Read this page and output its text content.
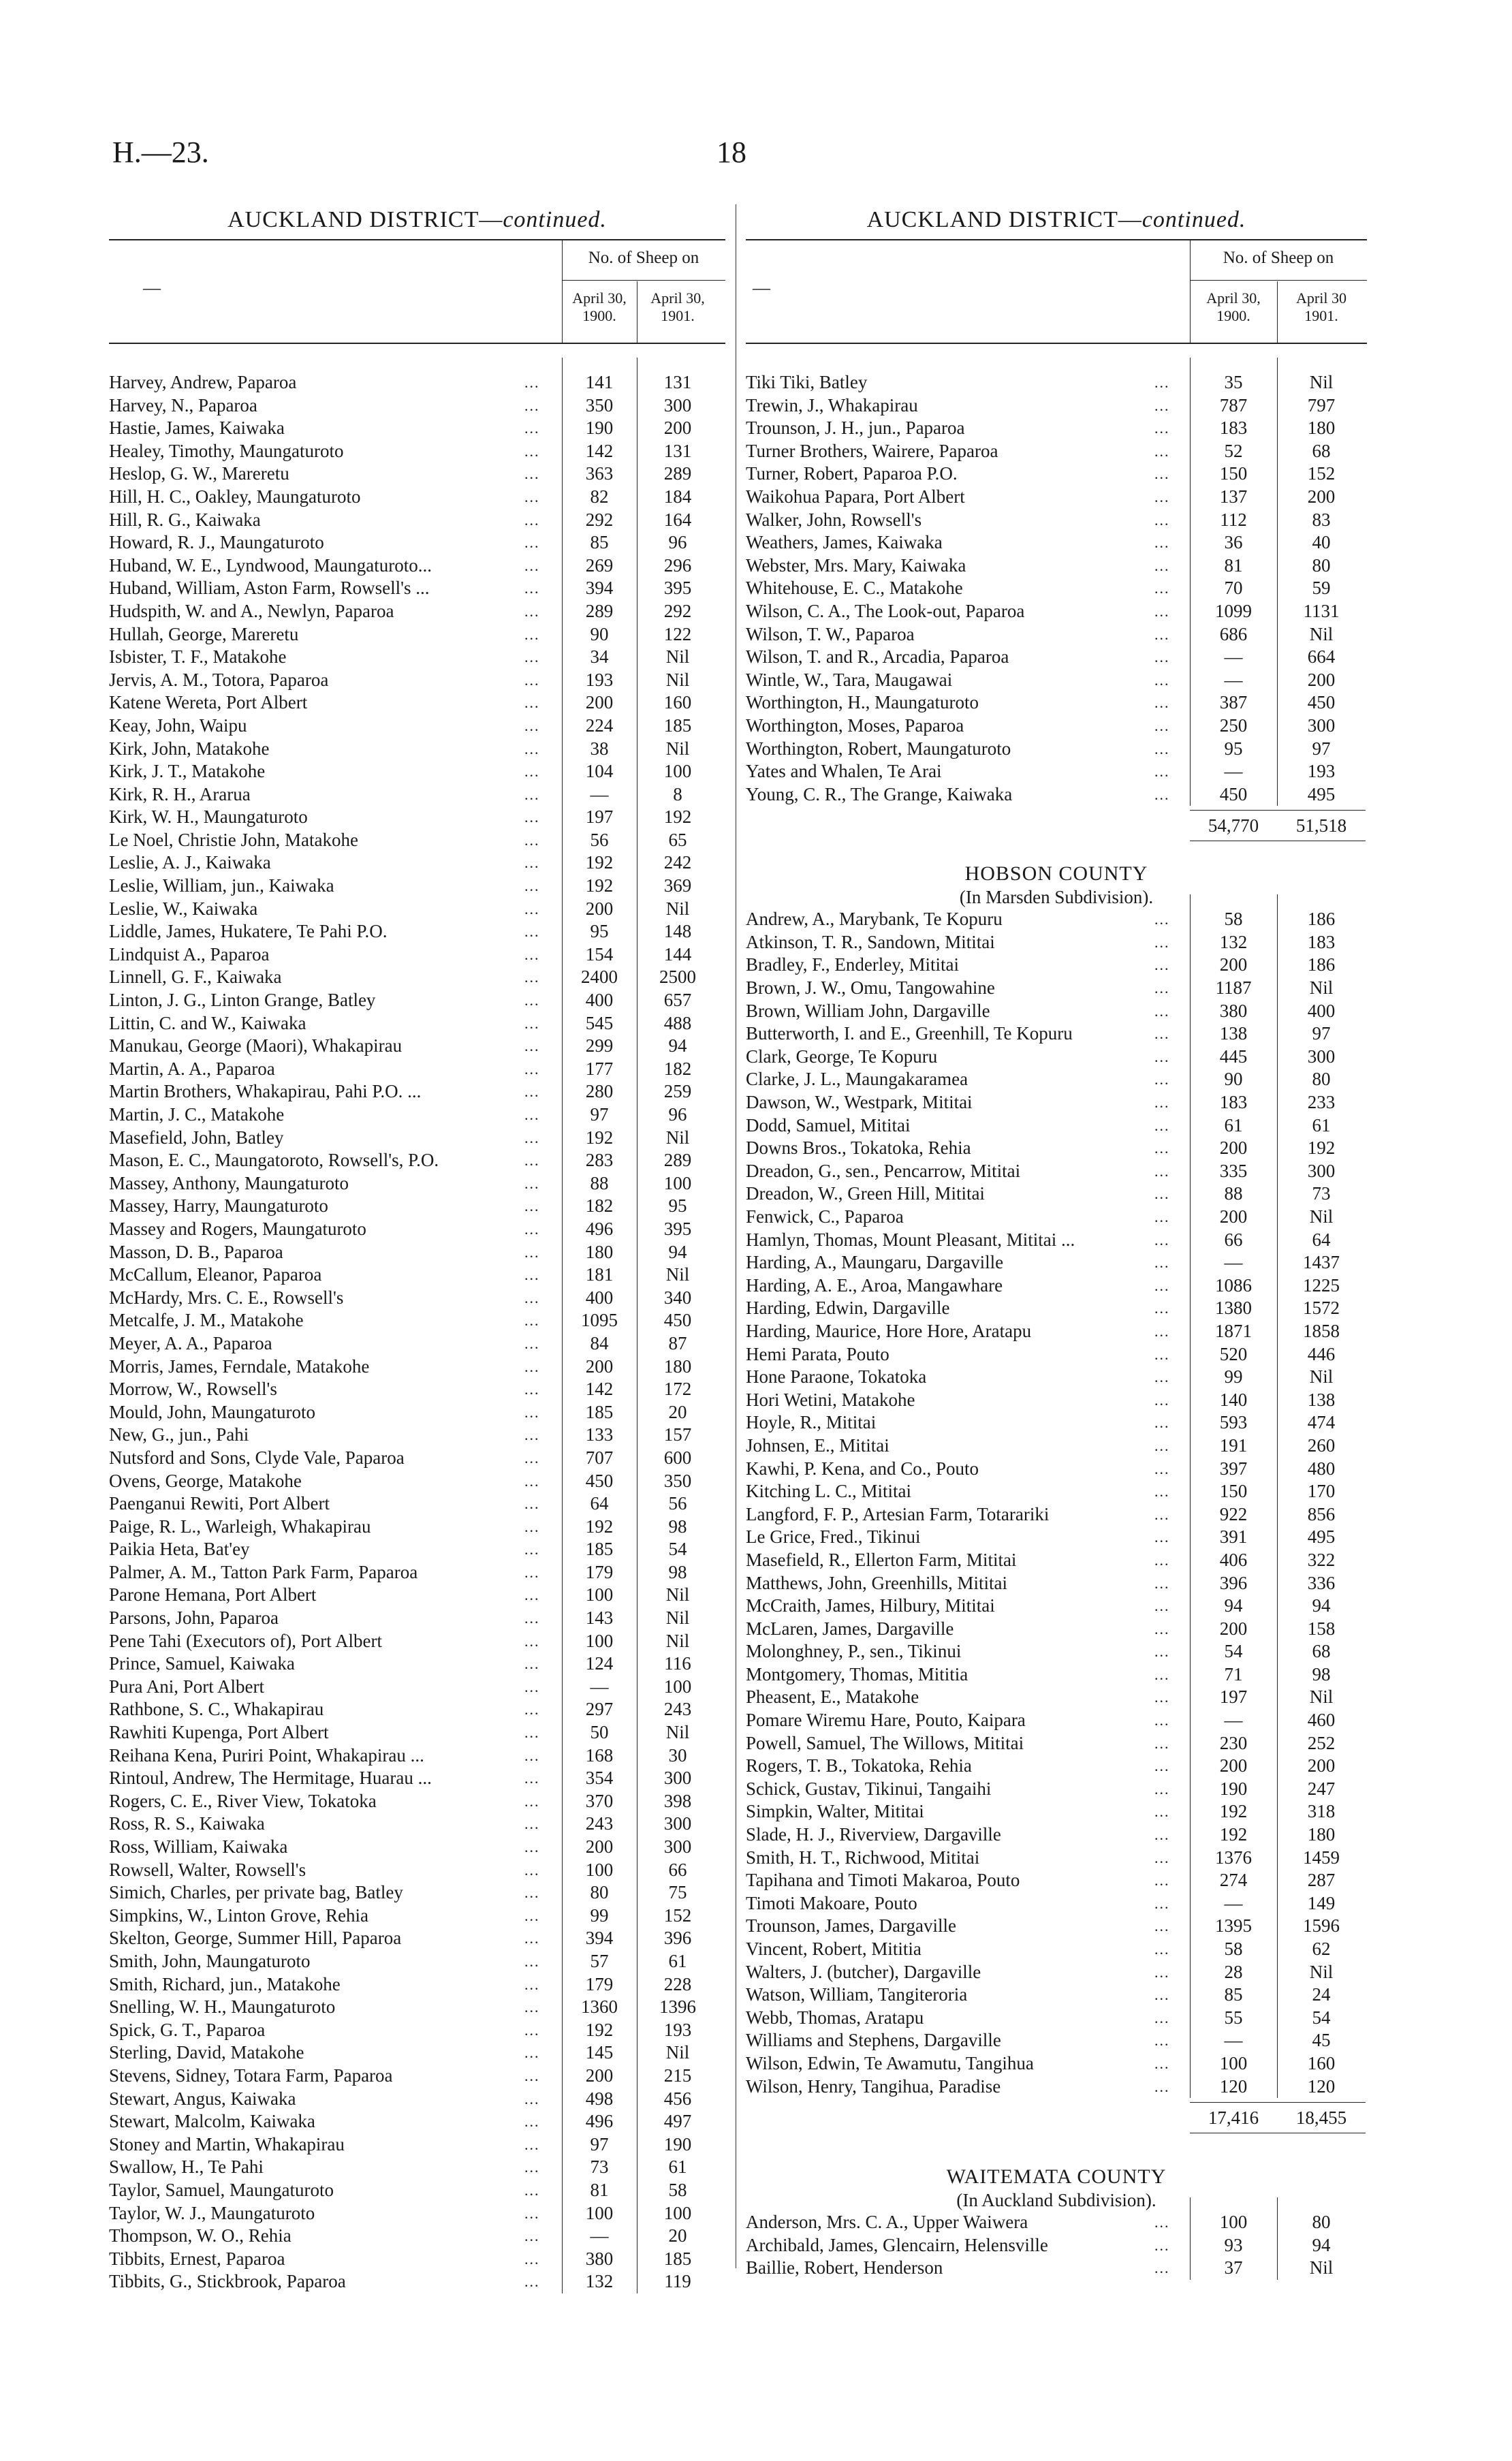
H.—23.	18
AUCKLAND DISTRICT—continued.
—
No. of Sheep on
April 30,
1900.
April 30,
1901.
Harvey, Andrew, Paparoa	...	141	131
Harvey, N., Paparoa	...	350	300
Hastie, James, Kaiwaka	...	190	200
Healey, Timothy, Maungaturoto	...	142	131
Heslop, G. W., Mareretu	...	363	289
Hill, H. C., Oakley, Maungaturoto	...	82	184
Hill, R. G., Kaiwaka	...	292	164
Howard, R. J., Maungaturoto	...	85	96
Huband, W. E., Lyndwood, Maungaturoto...	...	269	296
Huband, William, Aston Farm, Rowsell's ...	...	394	395
Hudspith, W. and A., Newlyn, Paparoa	...	289	292
Hullah, George, Mareretu	...	90	122
Isbister, T. F., Matakohe	...	34	Nil
Jervis, A. M., Totora, Paparoa	...	193	Nil
Katene Wereta, Port Albert	...	200	160
Keay, John, Waipu	...	224	185
Kirk, John, Matakohe	...	38	Nil
Kirk, J. T., Matakohe	...	104	100
Kirk, R. H., Ararua	...	—	8
Kirk, W. H., Maungaturoto	...	197	192
Le Noel, Christie John, Matakohe	...	56	65
Leslie, A. J., Kaiwaka	...	192	242
Leslie, William, jun., Kaiwaka	...	192	369
Leslie, W., Kaiwaka	...	200	Nil
Liddle, James, Hukatere, Te Pahi P.O.	...	95	148
Lindquist A., Paparoa	...	154	144
Linnell, G. F., Kaiwaka	...	2400	2500
Linton, J. G., Linton Grange, Batley	...	400	657
Littin, C. and W., Kaiwaka	...	545	488
Manukau, George (Maori), Whakapirau	...	299	94
Martin, A. A., Paparoa	...	177	182
Martin Brothers, Whakapirau, Pahi P.O. ...	...	280	259
Martin, J. C., Matakohe	...	97	96
Masefield, John, Batley	...	192	Nil
Mason, E. C., Maungatoroto, Rowsell's, P.O.	...	283	289
Massey, Anthony, Maungaturoto	...	88	100
Massey, Harry, Maungaturoto	...	182	95
Massey and Rogers, Maungaturoto	...	496	395
Masson, D. B., Paparoa	...	180	94
McCallum, Eleanor, Paparoa	...	181	Nil
McHardy, Mrs. C. E., Rowsell's	...	400	340
Metcalfe, J. M., Matakohe	...	1095	450
Meyer, A. A., Paparoa	...	84	87
Morris, James, Ferndale, Matakohe	...	200	180
Morrow, W., Rowsell's	...	142	172
Mould, John, Maungaturoto	...	185	20
New, G., jun., Pahi	...	133	157
Nutsford and Sons, Clyde Vale, Paparoa	...	707	600
Ovens, George, Matakohe	...	450	350
Paenganui Rewiti, Port Albert	...	64	56
Paige, R. L., Warleigh, Whakapirau	...	192	98
Paikia Heta, Bat'ey	...	185	54
Palmer, A. M., Tatton Park Farm, Paparoa	...	179	98
Parone Hemana, Port Albert	...	100	Nil
Parsons, John, Paparoa	...	143	Nil
Pene Tahi (Executors of), Port Albert	...	100	Nil
Prince, Samuel, Kaiwaka	...	124	116
Pura Ani, Port Albert	...	—	100
Rathbone, S. C., Whakapirau	...	297	243
Rawhiti Kupenga, Port Albert	...	50	Nil
Reihana Kena, Puriri Point, Whakapirau ...	...	168	30
Rintoul, Andrew, The Hermitage, Huarau ...	...	354	300
Rogers, C. E., River View, Tokatoka	...	370	398
Ross, R. S., Kaiwaka	...	243	300
Ross, William, Kaiwaka	...	200	300
Rowsell, Walter, Rowsell's	...	100	66
Simich, Charles, per private bag, Batley	...	80	75
Simpkins, W., Linton Grove, Rehia	...	99	152
Skelton, George, Summer Hill, Paparoa	...	394	396
Smith, John, Maungaturoto	...	57	61
Smith, Richard, jun., Matakohe	...	179	228
Snelling, W. H., Maungaturoto	...	1360	1396
Spick, G. T., Paparoa	...	192	193
Sterling, David, Matakohe	...	145	Nil
Stevens, Sidney, Totara Farm, Paparoa	...	200	215
Stewart, Angus, Kaiwaka	...	498	456
Stewart, Malcolm, Kaiwaka	...	496	497
Stoney and Martin, Whakapirau	...	97	190
Swallow, H., Te Pahi	...	73	61
Taylor, Samuel, Maungaturoto	...	81	58
Taylor, W. J., Maungaturoto	...	100	100
Thompson, W. O., Rehia	...	—	20
Tibbits, Ernest, Paparoa	...	380	185
Tibbits, G., Stickbrook, Paparoa	...	132	119
AUCKLAND DISTRICT—continued.
—
No. of Sheep on
April 30,
1900.
April 30
1901.
Tiki Tiki, Batley	...	35	Nil
Trewin, J., Whakapirau	...	787	797
Trounson, J. H., jun., Paparoa	...	183	180
Turner Brothers, Wairere, Paparoa	...	52	68
Turner, Robert, Paparoa P.O.	...	150	152
Waikohua Papara, Port Albert	...	137	200
Walker, John, Rowsell's	...	112	83
Weathers, James, Kaiwaka	...	36	40
Webster, Mrs. Mary, Kaiwaka	...	81	80
Whitehouse, E. C., Matakohe	...	70	59
Wilson, C. A., The Look-out, Paparoa	...	1099	1131
Wilson, T. W., Paparoa	...	686	Nil
Wilson, T. and R., Arcadia, Paparoa	...	—	664
Wintle, W., Tara, Maugawai	...	—	200
Worthington, H., Maungaturoto	...	387	450
Worthington, Moses, Paparoa	...	250	300
Worthington, Robert, Maungaturoto	...	95	97
Yates and Whalen, Te Arai	...	—	193
Young, C. R., The Grange, Kaiwaka	...	450	495
54,770	51,518
HOBSON COUNTY
(In Marsden Subdivision).
Andrew, A., Marybank, Te Kopuru	...	58	186
Atkinson, T. R., Sandown, Mititai	...	132	183
Bradley, F., Enderley, Mititai	...	200	186
Brown, J. W., Omu, Tangowahine	...	1187	Nil
Brown, William John, Dargaville	...	380	400
Butterworth, I. and E., Greenhill, Te Kopuru	...	138	97
Clark, George, Te Kopuru	...	445	300
Clarke, J. L., Maungakaramea	...	90	80
Dawson, W., Westpark, Mititai	...	183	233
Dodd, Samuel, Mititai	...	61	61
Downs Bros., Tokatoka, Rehia	...	200	192
Dreadon, G., sen., Pencarrow, Mititai	...	335	300
Dreadon, W., Green Hill, Mititai	...	88	73
Fenwick, C., Paparoa	...	200	Nil
Hamlyn, Thomas, Mount Pleasant, Mititai ...	...	66	64
Harding, A., Maungaru, Dargaville	...	—	1437
Harding, A. E., Aroa, Mangawhare	...	1086	1225
Harding, Edwin, Dargaville	...	1380	1572
Harding, Maurice, Hore Hore, Aratapu	...	1871	1858
Hemi Parata, Pouto	...	520	446
Hone Paraone, Tokatoka	...	99	Nil
Hori Wetini, Matakohe	...	140	138
Hoyle, R., Mititai	...	593	474
Johnsen, E., Mititai	...	191	260
Kawhi, P. Kena, and Co., Pouto	...	397	480
Kitching L. C., Mititai	...	150	170
Langford, F. P., Artesian Farm, Totarariki	...	922	856
Le Grice, Fred., Tikinui	...	391	495
Masefield, R., Ellerton Farm, Mititai	...	406	322
Matthews, John, Greenhills, Mititai	...	396	336
McCraith, James, Hilbury, Mititai	...	94	94
McLaren, James, Dargaville	...	200	158
Molonghney, P., sen., Tikinui	...	54	68
Montgomery, Thomas, Mititia	...	71	98
Pheasent, E., Matakohe	...	197	Nil
Pomare Wiremu Hare, Pouto, Kaipara	...	—	460
Powell, Samuel, The Willows, Mititai	...	230	252
Rogers, T. B., Tokatoka, Rehia	...	200	200
Schick, Gustav, Tikinui, Tangaihi	...	190	247
Simpkin, Walter, Mititai	...	192	318
Slade, H. J., Riverview, Dargaville	...	192	180
Smith, H. T., Richwood, Mititai	...	1376	1459
Tapihana and Timoti Makaroa, Pouto	...	274	287
Timoti Makoare, Pouto	...	—	149
Trounson, James, Dargaville	...	1395	1596
Vincent, Robert, Mititia	...	58	62
Walters, J. (butcher), Dargaville	...	28	Nil
Watson, William, Tangiteroria	...	85	24
Webb, Thomas, Aratapu	...	55	54
Williams and Stephens, Dargaville	...	—	45
Wilson, Edwin, Te Awamutu, Tangihua	...	100	160
Wilson, Henry, Tangihua, Paradise	...	120	120
17,416	18,455
WAITEMATA COUNTY
(In Auckland Subdivision).
Anderson, Mrs. C. A., Upper Waiwera	...	100	80
Archibald, James, Glencairn, Helensville	...	93	94
Baillie, Robert, Henderson	...	37	Nil
